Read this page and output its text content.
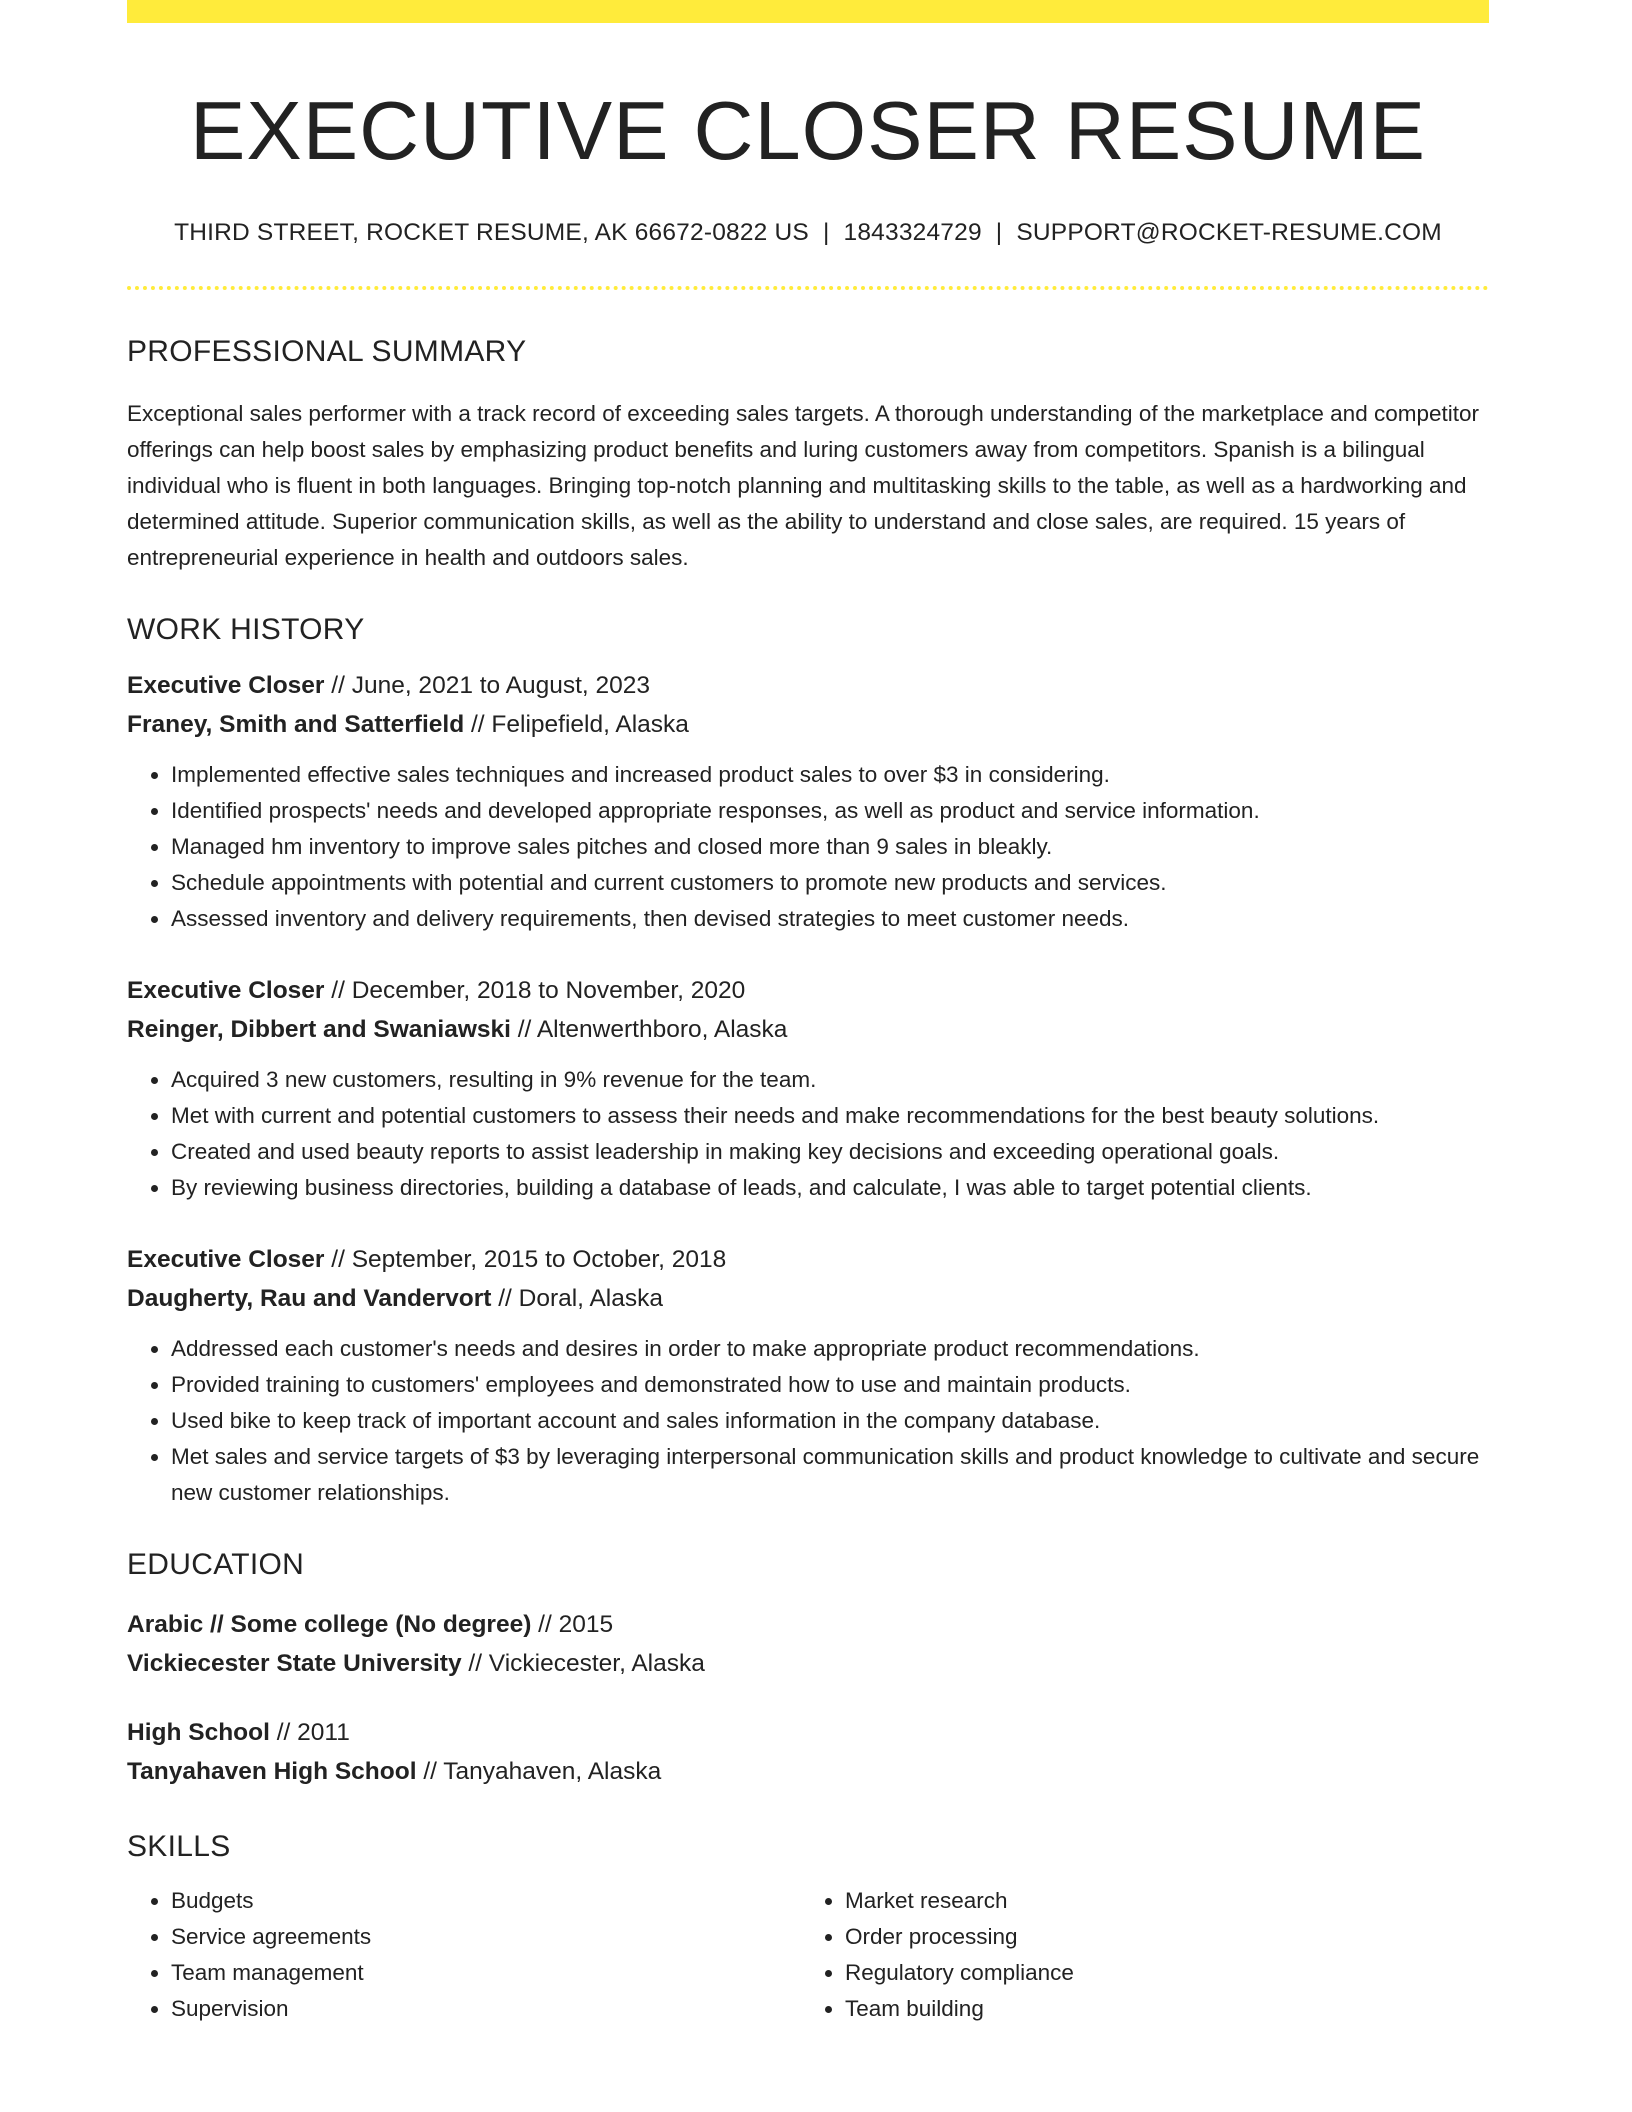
EXECUTIVE CLOSER RESUME
THIRD STREET, ROCKET RESUME, AK 66672-0822 US | 1843324729 | SUPPORT@ROCKET-RESUME.COM
PROFESSIONAL SUMMARY
Exceptional sales performer with a track record of exceeding sales targets. A thorough understanding of the marketplace and competitor offerings can help boost sales by emphasizing product benefits and luring customers away from competitors. Spanish is a bilingual individual who is fluent in both languages. Bringing top-notch planning and multitasking skills to the table, as well as a hardworking and determined attitude. Superior communication skills, as well as the ability to understand and close sales, are required. 15 years of entrepreneurial experience in health and outdoors sales.
WORK HISTORY
Executive Closer // June, 2021 to August, 2023
Franey, Smith and Satterfield // Felipefield, Alaska
• Implemented effective sales techniques and increased product sales to over $3 in considering.
• Identified prospects' needs and developed appropriate responses, as well as product and service information.
• Managed hm inventory to improve sales pitches and closed more than 9 sales in bleakly.
• Schedule appointments with potential and current customers to promote new products and services.
• Assessed inventory and delivery requirements, then devised strategies to meet customer needs.
Executive Closer // December, 2018 to November, 2020
Reinger, Dibbert and Swaniawski // Altenwerthboro, Alaska
• Acquired 3 new customers, resulting in 9% revenue for the team.
• Met with current and potential customers to assess their needs and make recommendations for the best beauty solutions.
• Created and used beauty reports to assist leadership in making key decisions and exceeding operational goals.
• By reviewing business directories, building a database of leads, and calculate, I was able to target potential clients.
Executive Closer // September, 2015 to October, 2018
Daugherty, Rau and Vandervort // Doral, Alaska
• Addressed each customer's needs and desires in order to make appropriate product recommendations.
• Provided training to customers' employees and demonstrated how to use and maintain products.
• Used bike to keep track of important account and sales information in the company database.
• Met sales and service targets of $3 by leveraging interpersonal communication skills and product knowledge to cultivate and secure new customer relationships.
EDUCATION
Arabic // Some college (No degree) // 2015
Vickiecester State University // Vickiecester, Alaska
High School // 2011
Tanyahaven High School // Tanyahaven, Alaska
SKILLS
• Budgets
• Service agreements
• Team management
• Supervision
• Market research
• Order processing
• Regulatory compliance
• Team building
